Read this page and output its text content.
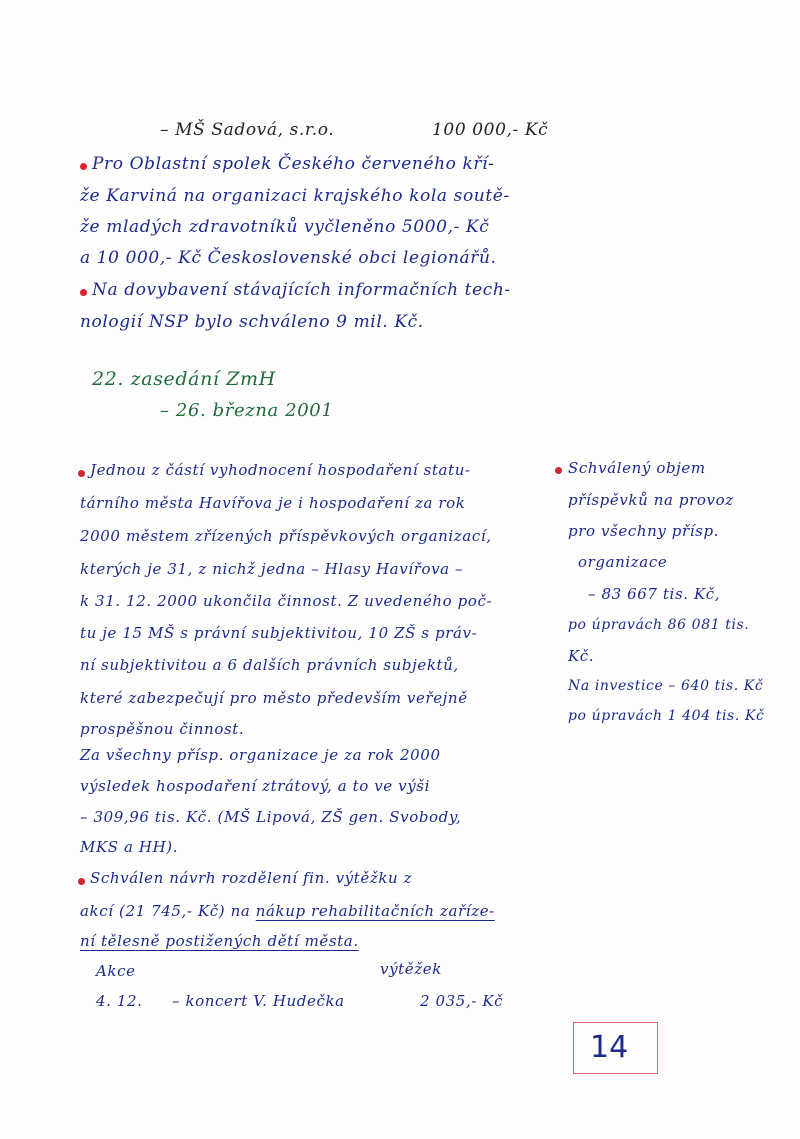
– MŠ Sadová, s.r.o.	100 000,- Kč
Pro Oblastní spolek Českého červeného kří-
že Karviná na organizaci krajského kola soutě-
že mladých zdravotníků vyčleněno 5000,- Kč
a 10 000,- Kč Československé obci legionářů.
Na dovybavení stávajících informačních tech-
nologií NSP bylo schváleno 9 mil. Kč.
22. zasedání ZmH
– 26. března 2001
Jednou z částí vyhodnocení hospodaření statu-
tárního města Havířova je i hospodaření za rok
2000 městem zřízených příspěvkových organizací,
kterých je 31, z nichž jedna – Hlasy Havířova –
k 31. 12. 2000 ukončila činnost. Z uvedeného poč-
tu je 15 MŠ s právní subjektivitou, 10 ZŠ s práv-
ní subjektivitou a 6 dalších právních subjektů,
které zabezpečují pro město především veřejně
prospěšnou činnost.
Za všechny přísp. organizace je za rok 2000
výsledek hospodaření ztrátový, a to ve výši
– 309,96 tis. Kč. (MŠ Lipová, ZŠ gen. Svobody,
MKS a HH).
Schválen návrh rozdělení fin. výtěžku z
akcí (21 745,- Kč) na nákup rehabilitačních zaříze-
ní tělesně postižených dětí města.
Schválený objem
příspěvků na provoz
pro všechny přísp.
organizace
– 83 667 tis. Kč,
po úpravách 86 081 tis.
Kč.
Na investice – 640 tis. Kč
po úpravách 1 404 tis. Kč
Akce	výtěžek
4. 12. – koncert V. Hudečka	2 035,- Kč
14
